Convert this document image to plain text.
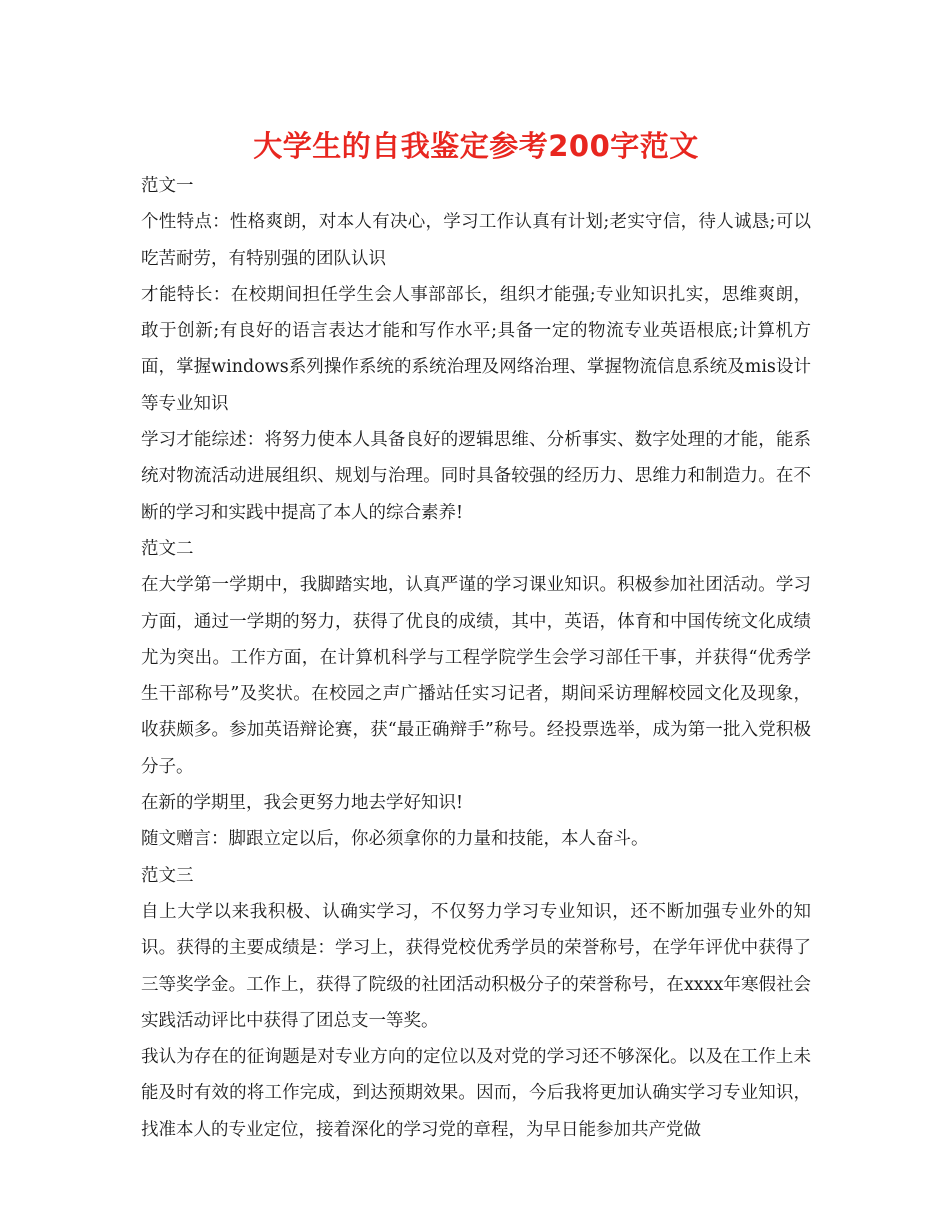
大学生的自我鉴定参考200字范文

范文一

个性特点：性格爽朗，对本人有决心，学习工作认真有计划;老实守信，待人诚恳;可以吃苦耐劳，有特别强的团队认识

才能特长：在校期间担任学生会人事部部长，组织才能强;专业知识扎实，思维爽朗，敢于创新;有良好的语言表达才能和写作水平;具备一定的物流专业英语根底;计算机方面，掌握windows系列操作系统的系统治理及网络治理、掌握物流信息系统及mis设计等专业知识

学习才能综述：将努力使本人具备良好的逻辑思维、分析事实、数字处理的才能，能系统对物流活动进展组织、规划与治理。同时具备较强的经历力、思维力和制造力。在不断的学习和实践中提高了本人的综合素养!

范文二

在大学第一学期中，我脚踏实地，认真严谨的学习课业知识。积极参加社团活动。学习方面，通过一学期的努力，获得了优良的成绩，其中，英语，体育和中国传统文化成绩尤为突出。工作方面，在计算机科学与工程学院学生会学习部任干事，并获得“优秀学生干部称号”及奖状。在校园之声广播站任实习记者，期间采访理解校园文化及现象，收获颇多。参加英语辩论赛，获“最正确辩手”称号。经投票选举，成为第一批入党积极分子。

在新的学期里，我会更努力地去学好知识!

随文赠言：脚跟立定以后，你必须拿你的力量和技能，本人奋斗。

范文三

自上大学以来我积极、认确实学习，不仅努力学习专业知识，还不断加强专业外的知识。获得的主要成绩是：学习上，获得党校优秀学员的荣誉称号，在学年评优中获得了三等奖学金。工作上，获得了院级的社团活动积极分子的荣誉称号，在xxxx年寒假社会实践活动评比中获得了团总支一等奖。

我认为存在的征询题是对专业方向的定位以及对党的学习还不够深化。以及在工作上未能及时有效的将工作完成，到达预期效果。因而，今后我将更加认确实学习专业知识，找准本人的专业定位，接着深化的学习党的章程，为早日能参加共产党做
